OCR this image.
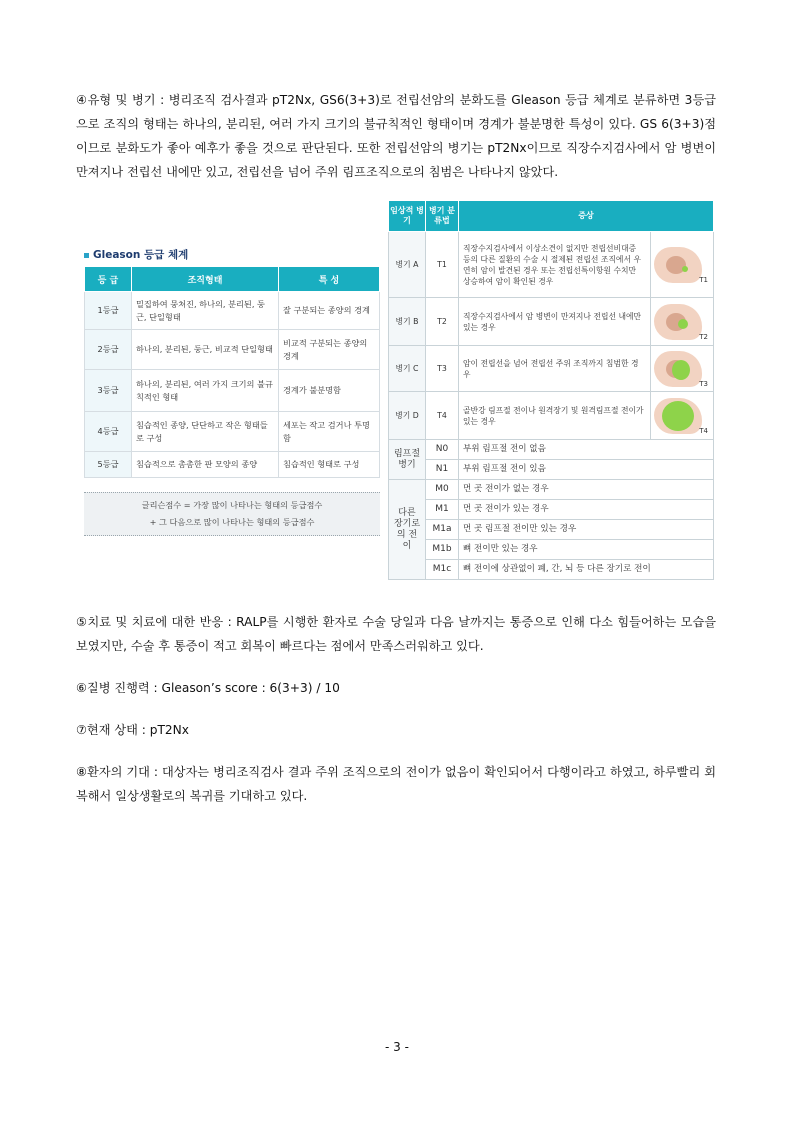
④유형 및 병기 : 병리조직 검사결과 pT2Nx, GS6(3+3)로 전립선암의 분화도를 Gleason 등급 체계로 분류하면 3등급으로 조직의 형태는 하나의, 분리된, 여러 가지 크기의 불규칙적인 형태이며 경계가 불분명한 특성이 있다. GS 6(3+3)점이므로 분화도가 좋아 예후가 좋을 것으로 판단된다. 또한 전립선암의 병기는 pT2Nx이므로 직장수지검사에서 암 병변이 만져지나 전립선 내에만 있고, 전립선을 넘어 주위 림프조직으로의 침범은 나타나지 않았다.
Gleason 등급 체계
등 급	조직형태	특 성
1등급	밀집하여 뭉쳐진, 하나의, 분리된, 둥근, 단일형태	잘 구분되는 종양의 경계
2등급	하나의, 분리된, 둥근, 비교적 단일형태	비교적 구분되는 종양의 경계
3등급	하나의, 분리된, 여러 가지 크기의 불규칙적인 형태	경계가 불분명함
4등급	침습적인 종양, 단단하고 작은 형태들로 구성	세포는 작고 검거나 투명함
5등급	침습적으로 촘촘한 판 모양의 종양	침습적인 형태로 구성
글리슨점수 = 가장 많이 나타나는 형태의 등급점수
+ 그 다음으로 많이 나타나는 형태의 등급점수
임상적 병기	병기 분류법	증상	
병기 A	T1	직장수지검사에서 이상소견이 없지만 전립선비대증 등의 다른 질환의 수술 시 절제된 전립선 조직에서 우연히 암이 발견된 경우 또는 전립선특이항원 수치만 상승하여 암이 확인된 경우	T1

병기 B	T2	직장수지검사에서 암 병변이 만져지나 전립선 내에만 있는 경우	T2

병기 C	T3	암이 전립선을 넘어 전립선 주위 조직까지 침범한 경우	T3

병기 D	T4	골반강 림프절 전이나 원격장기 및 원격림프절 전이가 있는 경우	T4

림프절 병기	N0	부위 림프절 전이 없음	
	N1	부위 림프절 전이 있음	
다른 장기로의 전이	M0	먼 곳 전이가 없는 경우	
	M1	먼 곳 전이가 있는 경우	
	M1a	먼 곳 림프절 전이만 있는 경우	
	M1b	뼈 전이만 있는 경우	
	M1c	뼈 전이에 상관없이 폐, 간, 뇌 등 다른 장기로 전이	
⑤치료 및 치료에 대한 반응 : RALP를 시행한 환자로 수술 당일과 다음 날까지는 통증으로 인해 다소 힘들어하는 모습을 보였지만, 수술 후 통증이 적고 회복이 빠르다는 점에서 만족스러워하고 있다.
⑥질병 진행력 : Gleason’s score : 6(3+3) / 10
⑦현재 상태 : pT2Nx
⑧환자의 기대 : 대상자는 병리조직검사 결과 주위 조직으로의 전이가 없음이 확인되어서 다행이라고 하였고, 하루빨리 회복해서 일상생활로의 복귀를 기대하고 있다.
- 3 -
